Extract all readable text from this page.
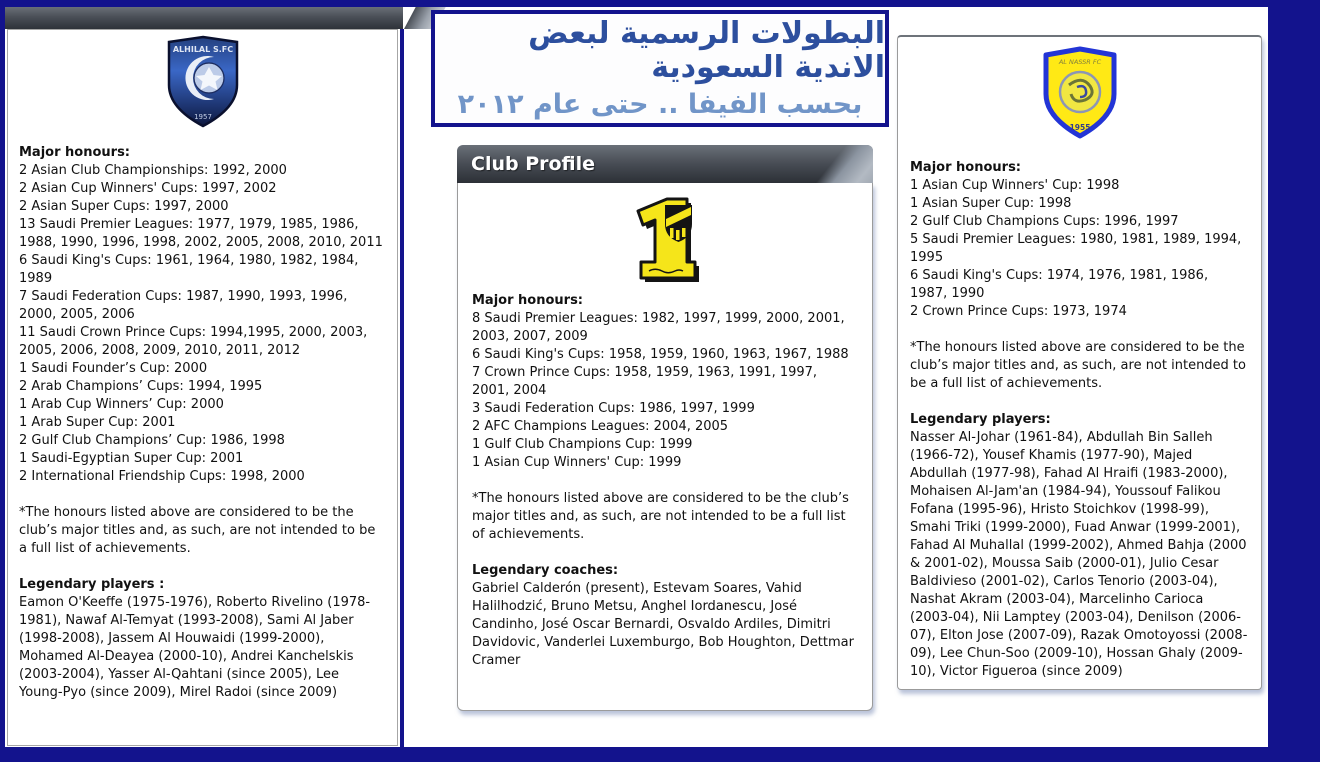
ALHILAL S.FC
1957
Major honours:
2 Asian Club Championships: 1992, 2000
2 Asian Cup Winners' Cups: 1997, 2002
2 Asian Super Cups: 1997, 2000
13 Saudi Premier Leagues: 1977, 1979, 1985, 1986, 1988, 1990, 1996, 1998, 2002, 2005, 2008, 2010, 2011
6 Saudi King's Cups: 1961, 1964, 1980, 1982, 1984, 1989
7 Saudi Federation Cups: 1987, 1990, 1993, 1996, 2000, 2005, 2006
11 Saudi Crown Prince Cups: 1994,1995, 2000, 2003, 2005, 2006, 2008, 2009, 2010, 2011, 2012
1 Saudi Founder’s Cup: 2000
2 Arab Champions’ Cups: 1994, 1995
1 Arab Cup Winners’ Cup: 2000
1 Arab Super Cup: 2001
2 Gulf Club Champions’ Cup: 1986, 1998
1 Saudi-Egyptian Super Cup: 2001
2 International Friendship Cups: 1998, 2000

*The honours listed above are considered to be the club’s major titles and, as such, are not intended to be a full list of achievements.

Legendary players :

Eamon O'Keeffe (1975-1976), Roberto Rivelino (1978-1981), Nawaf Al-Temyat (1993-2008), Sami Al Jaber (1998-2008), Jassem Al Houwaidi (1999-2000), Mohamed Al-Deayea (2000-10), Andrei Kanchelskis (2003-2004), Yasser Al-Qahtani (since 2005), Lee Young-Pyo (since 2009), Mirel Radoi (since 2009)

البطولات الرسمية لبعض الاندية السعودية
بحسب الفيفا .. حتى عام ٢٠١٢
Club Profile
Major honours:
8 Saudi Premier Leagues: 1982, 1997, 1999, 2000, 2001, 2003, 2007, 2009
6 Saudi King's Cups: 1958, 1959, 1960, 1963, 1967, 1988
7 Crown Prince Cups: 1958, 1959, 1963, 1991, 1997, 2001, 2004
3 Saudi Federation Cups: 1986, 1997, 1999
2 AFC Champions Leagues: 2004, 2005
1 Gulf Club Champions Cup: 1999
1 Asian Cup Winners' Cup: 1999

*The honours listed above are considered to be the club’s major titles and, as such, are not intended to be a full list of achievements.

Legendary coaches:

Gabriel Calderón (present), Estevam Soares, Vahid Halilhodzić, Bruno Metsu, Anghel Iordanescu, José Candinho, José Oscar Bernardi, Osvaldo Ardiles, Dimitri Davidovic, Vanderlei Luxemburgo, Bob Houghton, Dettmar Cramer

AL NASSR FC
1955
Major honours:
1 Asian Cup Winners' Cup: 1998
1 Asian Super Cup: 1998
2 Gulf Club Champions Cups: 1996, 1997
5 Saudi Premier Leagues: 1980, 1981, 1989, 1994, 1995
6 Saudi King's Cups: 1974, 1976, 1981, 1986, 1987, 1990
2 Crown Prince Cups: 1973, 1974

*The honours listed above are considered to be the club’s major titles and, as such, are not intended to be a full list of achievements.

Legendary players:

Nasser Al-Johar (1961-84), Abdullah Bin Salleh (1966-72), Yousef Khamis (1977-90), Majed Abdullah (1977-98), Fahad Al Hraifi (1983-2000), Mohaisen Al-Jam'an (1984-94), Youssouf Falikou Fofana (1995-96), Hristo Stoichkov (1998-99), Smahi Triki (1999-2000), Fuad Anwar (1999-2001), Fahad Al Muhallal (1999-2002), Ahmed Bahja (2000 & 2001-02), Moussa Saib (2000-01), Julio Cesar Baldivieso (2001-02), Carlos Tenorio (2003-04), Nashat Akram (2003-04), Marcelinho Carioca (2003-04), Nii Lamptey (2003-04), Denilson (2006-07), Elton Jose (2007-09), Razak Omotoyossi (2008-09), Lee Chun-Soo (2009-10), Hossan Ghaly (2009-10), Victor Figueroa (since 2009)
